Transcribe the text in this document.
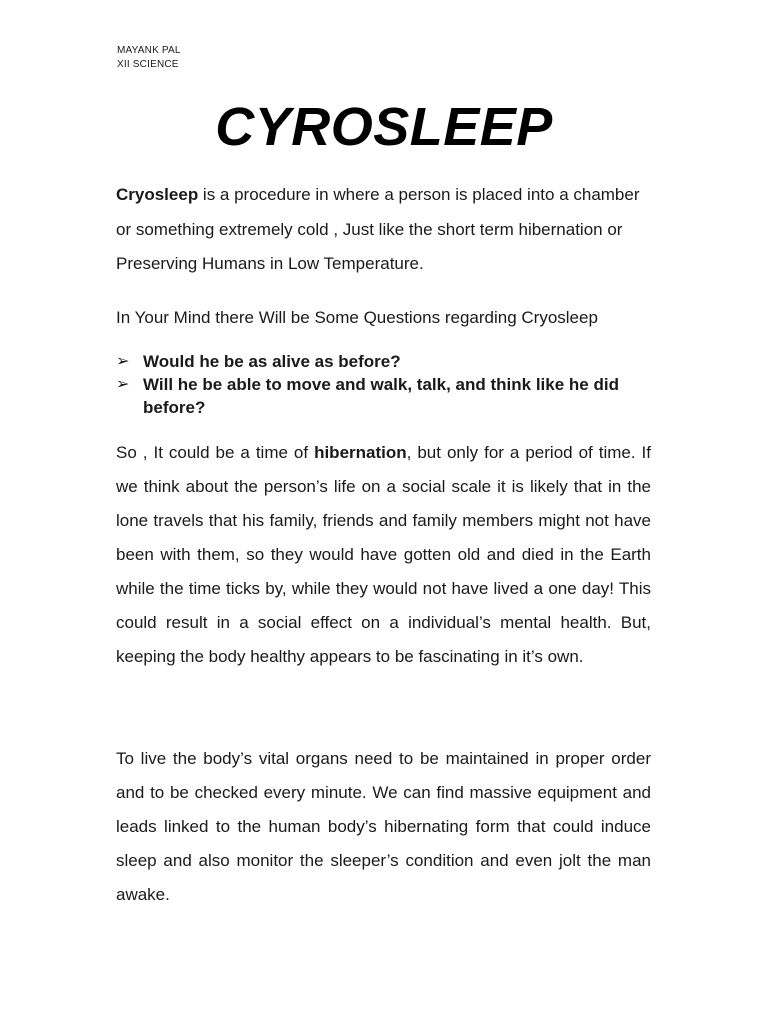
MAYANK PAL
XII SCIENCE
CYROSLEEP

Cryosleep is a procedure in where a person is placed into a chamber or something extremely cold , Just like the short term hibernation or Preserving Humans in Low Temperature.

In Your Mind there Will be Some Questions regarding Cryosleep

➢ Would he be as alive as before?
➢ Will he be able to move and walk, talk, and think like he did before?

So , It could be a time of hibernation, but only for a period of time. If we think about the person’s life on a social scale it is likely that in the lone travels that his family, friends and family members might not have been with them, so they would have gotten old and died in the Earth while the time ticks by, while they would not have lived a one day! This could result in a social effect on a individual’s mental health. But, keeping the body healthy appears to be fascinating in it’s own.

To live the body’s vital organs need to be maintained in proper order and to be checked every minute. We can find massive equipment and leads linked to the human body’s hibernating form that could induce sleep and also monitor the sleeper’s condition and even jolt the man awake.
